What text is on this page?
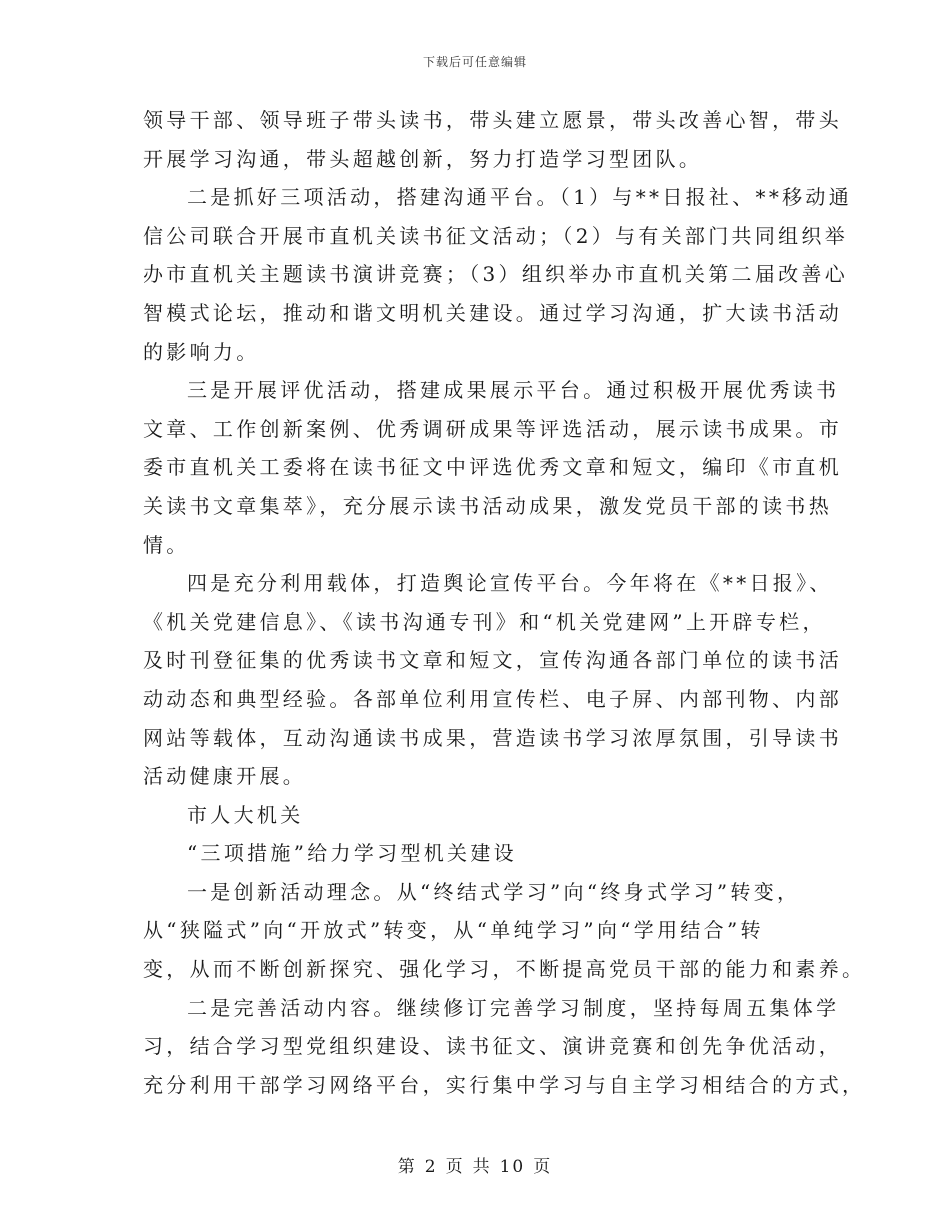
下载后可任意编辑
领导干部、领导班子带头读书，带头建立愿景，带头改善心智，带头
开展学习沟通，带头超越创新，努力打造学习型团队。
二是抓好三项活动，搭建沟通平台。（1）与**日报社、**移动通
信公司联合开展市直机关读书征文活动；（2）与有关部门共同组织举
办市直机关主题读书演讲竞赛；（3）组织举办市直机关第二届改善心
智模式论坛，推动和谐文明机关建设。通过学习沟通，扩大读书活动
的影响力。
三是开展评优活动，搭建成果展示平台。通过积极开展优秀读书
文章、工作创新案例、优秀调研成果等评选活动，展示读书成果。市
委市直机关工委将在读书征文中评选优秀文章和短文，编印《市直机
关读书文章集萃》，充分展示读书活动成果，激发党员干部的读书热
情。
四是充分利用载体，打造舆论宣传平台。今年将在《**日报》、
《机关党建信息》、《读书沟通专刊》和“机关党建网”上开辟专栏，
及时刊登征集的优秀读书文章和短文，宣传沟通各部门单位的读书活
动动态和典型经验。各部单位利用宣传栏、电子屏、内部刊物、内部
网站等载体，互动沟通读书成果，营造读书学习浓厚氛围，引导读书
活动健康开展。
市人大机关
“三项措施”给力学习型机关建设
一是创新活动理念。从“终结式学习”向“终身式学习”转变，
从“狭隘式”向“开放式”转变，从“单纯学习”向“学用结合”转
变，从而不断创新探究、强化学习，不断提高党员干部的能力和素养。
二是完善活动内容。继续修订完善学习制度，坚持每周五集体学
习，结合学习型党组织建设、读书征文、演讲竞赛和创先争优活动，
充分利用干部学习网络平台，实行集中学习与自主学习相结合的方式，
第 2 页 共 10 页
